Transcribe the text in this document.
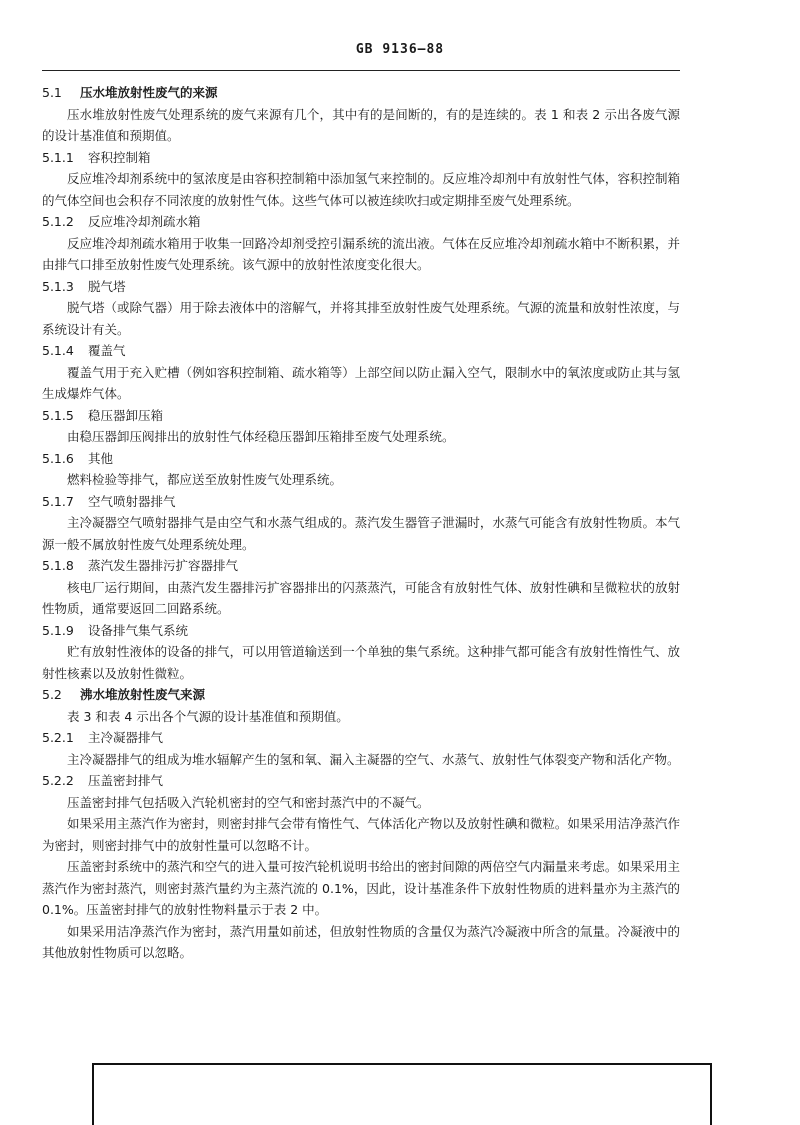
GB 9136—88
5.1 压水堆放射性废气的来源
压水堆放射性废气处理系统的废气来源有几个，其中有的是间断的，有的是连续的。表 1 和表 2 示出各废气源的设计基准值和预期值。
5.1.1 容积控制箱
反应堆冷却剂系统中的氢浓度是由容积控制箱中添加氢气来控制的。反应堆冷却剂中有放射性气体，容积控制箱的气体空间也会积存不同浓度的放射性气体。这些气体可以被连续吹扫或定期排至废气处理系统。
5.1.2 反应堆冷却剂疏水箱
反应堆冷却剂疏水箱用于收集一回路冷却剂受控引漏系统的流出液。气体在反应堆冷却剂疏水箱中不断积累，并由排气口排至放射性废气处理系统。该气源中的放射性浓度变化很大。
5.1.3 脱气塔
脱气塔（或除气器）用于除去液体中的溶解气，并将其排至放射性废气处理系统。气源的流量和放射性浓度，与系统设计有关。
5.1.4 覆盖气
覆盖气用于充入贮槽（例如容积控制箱、疏水箱等）上部空间以防止漏入空气，限制水中的氧浓度或防止其与氢生成爆炸气体。
5.1.5 稳压器卸压箱
由稳压器卸压阀排出的放射性气体经稳压器卸压箱排至废气处理系统。
5.1.6 其他
燃料检验等排气，都应送至放射性废气处理系统。
5.1.7 空气喷射器排气
主冷凝器空气喷射器排气是由空气和水蒸气组成的。蒸汽发生器管子泄漏时，水蒸气可能含有放射性物质。本气源一般不属放射性废气处理系统处理。
5.1.8 蒸汽发生器排污扩容器排气
核电厂运行期间，由蒸汽发生器排污扩容器排出的闪蒸蒸汽，可能含有放射性气体、放射性碘和呈微粒状的放射性物质，通常要返回二回路系统。
5.1.9 设备排气集气系统
贮有放射性液体的设备的排气，可以用管道输送到一个单独的集气系统。这种排气都可能含有放射性惰性气、放射性核素以及放射性微粒。
5.2 沸水堆放射性废气来源
表 3 和表 4 示出各个气源的设计基准值和预期值。
5.2.1 主冷凝器排气
主冷凝器排气的组成为堆水辐解产生的氢和氧、漏入主凝器的空气、水蒸气、放射性气体裂变产物和活化产物。
5.2.2 压盖密封排气
压盖密封排气包括吸入汽轮机密封的空气和密封蒸汽中的不凝气。
如果采用主蒸汽作为密封，则密封排气会带有惰性气、气体活化产物以及放射性碘和微粒。如果采用洁净蒸汽作为密封，则密封排气中的放射性量可以忽略不计。
压盖密封系统中的蒸汽和空气的进入量可按汽轮机说明书给出的密封间隙的两倍空气内漏量来考虑。如果采用主蒸汽作为密封蒸汽，则密封蒸汽量约为主蒸汽流的 0.1%，因此，设计基准条件下放射性物质的进料量亦为主蒸汽的 0.1%。压盖密封排气的放射性物料量示于表 2 中。
如果采用洁净蒸汽作为密封，蒸汽用量如前述，但放射性物质的含量仅为蒸汽冷凝液中所含的氚量。冷凝液中的其他放射性物质可以忽略。
